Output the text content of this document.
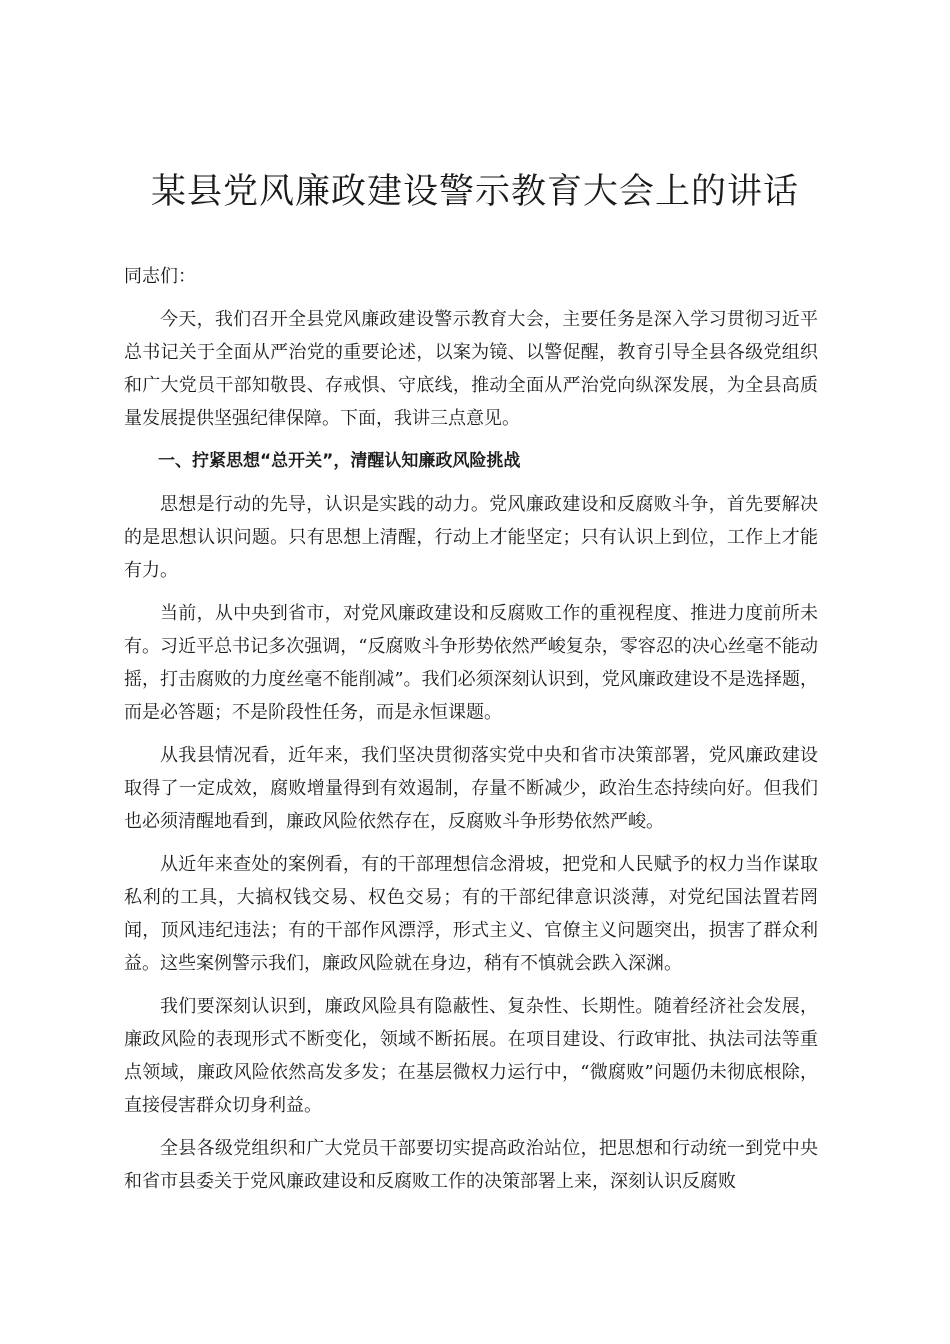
某县党风廉政建设警示教育大会上的讲话

同志们：

今天，我们召开全县党风廉政建设警示教育大会，主要任务是深入学习贯彻习近平总书记关于全面从严治党的重要论述，以案为镜、以警促醒，教育引导全县各级党组织和广大党员干部知敬畏、存戒惧、守底线，推动全面从严治党向纵深发展，为全县高质量发展提供坚强纪律保障。下面，我讲三点意见。

一、拧紧思想“总开关”，清醒认知廉政风险挑战

思想是行动的先导，认识是实践的动力。党风廉政建设和反腐败斗争，首先要解决的是思想认识问题。只有思想上清醒，行动上才能坚定；只有认识上到位，工作上才能有力。

当前，从中央到省市，对党风廉政建设和反腐败工作的重视程度、推进力度前所未有。习近平总书记多次强调，“反腐败斗争形势依然严峻复杂，零容忍的决心丝毫不能动摇，打击腐败的力度丝毫不能削减”。我们必须深刻认识到，党风廉政建设不是选择题，而是必答题；不是阶段性任务，而是永恒课题。

从我县情况看，近年来，我们坚决贯彻落实党中央和省市决策部署，党风廉政建设取得了一定成效，腐败增量得到有效遏制，存量不断减少，政治生态持续向好。但我们也必须清醒地看到，廉政风险依然存在，反腐败斗争形势依然严峻。

从近年来查处的案例看，有的干部理想信念滑坡，把党和人民赋予的权力当作谋取私利的工具，大搞权钱交易、权色交易；有的干部纪律意识淡薄，对党纪国法置若罔闻，顶风违纪违法；有的干部作风漂浮，形式主义、官僚主义问题突出，损害了群众利益。这些案例警示我们，廉政风险就在身边，稍有不慎就会跌入深渊。

我们要深刻认识到，廉政风险具有隐蔽性、复杂性、长期性。随着经济社会发展，廉政风险的表现形式不断变化，领域不断拓展。在项目建设、行政审批、执法司法等重点领域，廉政风险依然高发多发；在基层微权力运行中，“微腐败”问题仍未彻底根除，直接侵害群众切身利益。

全县各级党组织和广大党员干部要切实提高政治站位，把思想和行动统一到党中央和省市县委关于党风廉政建设和反腐败工作的决策部署上来，深刻认识反腐败
